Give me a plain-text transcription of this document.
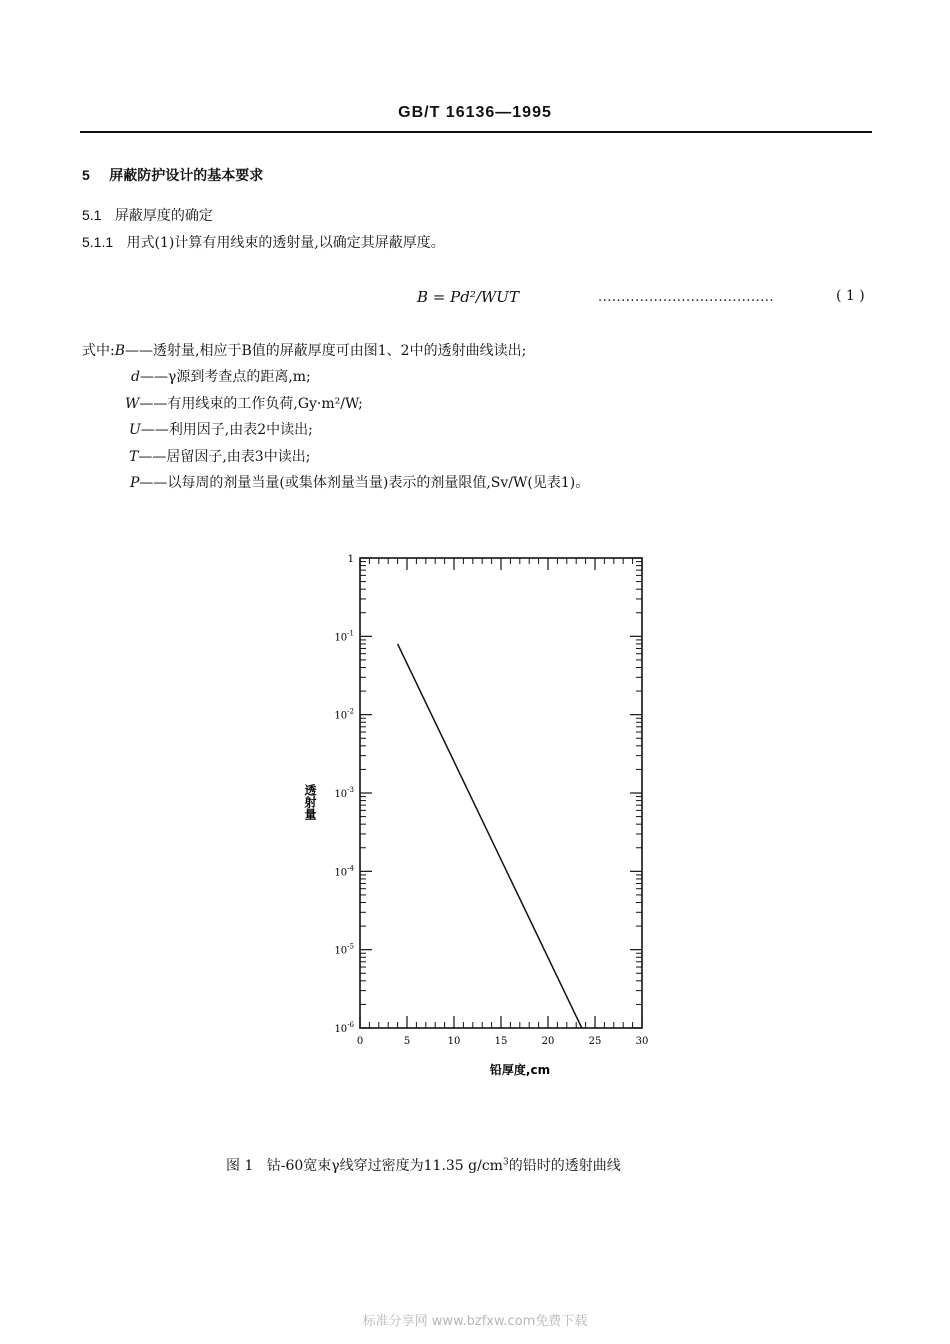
GB/T 16136—1995
5 屏蔽防护设计的基本要求
5.1 屏蔽厚度的确定
5.1.1 用式(1)计算有用线束的透射量,以确定其屏蔽厚度。
B = Pd²/WUT	......................................	( 1 )
式中:B——透射量,相应于B值的屏蔽厚度可由图1、2中的透射曲线读出;
d——γ源到考查点的距离,m;
W——有用线束的工作负荷,Gy·m²/W;
U——利用因子,由表2中读出;
T——居留因子,由表3中读出;
P——以每周的剂量当量(或集体剂量当量)表示的剂量限值,Sv/W(见表1)。
1
$10^{-1}$
$10^{-2}$
$10^{-3}$
$10^{-4}$
$10^{-5}$
$10^{-6}$
0	5	10	15	20	25	30
透射量
铅厚度,cm
图 1 钴-60宽束γ线穿过密度为11.35 $g/cm^3$的铅时的透射曲线
标准分享网 www.bzfxw.com免费下载
